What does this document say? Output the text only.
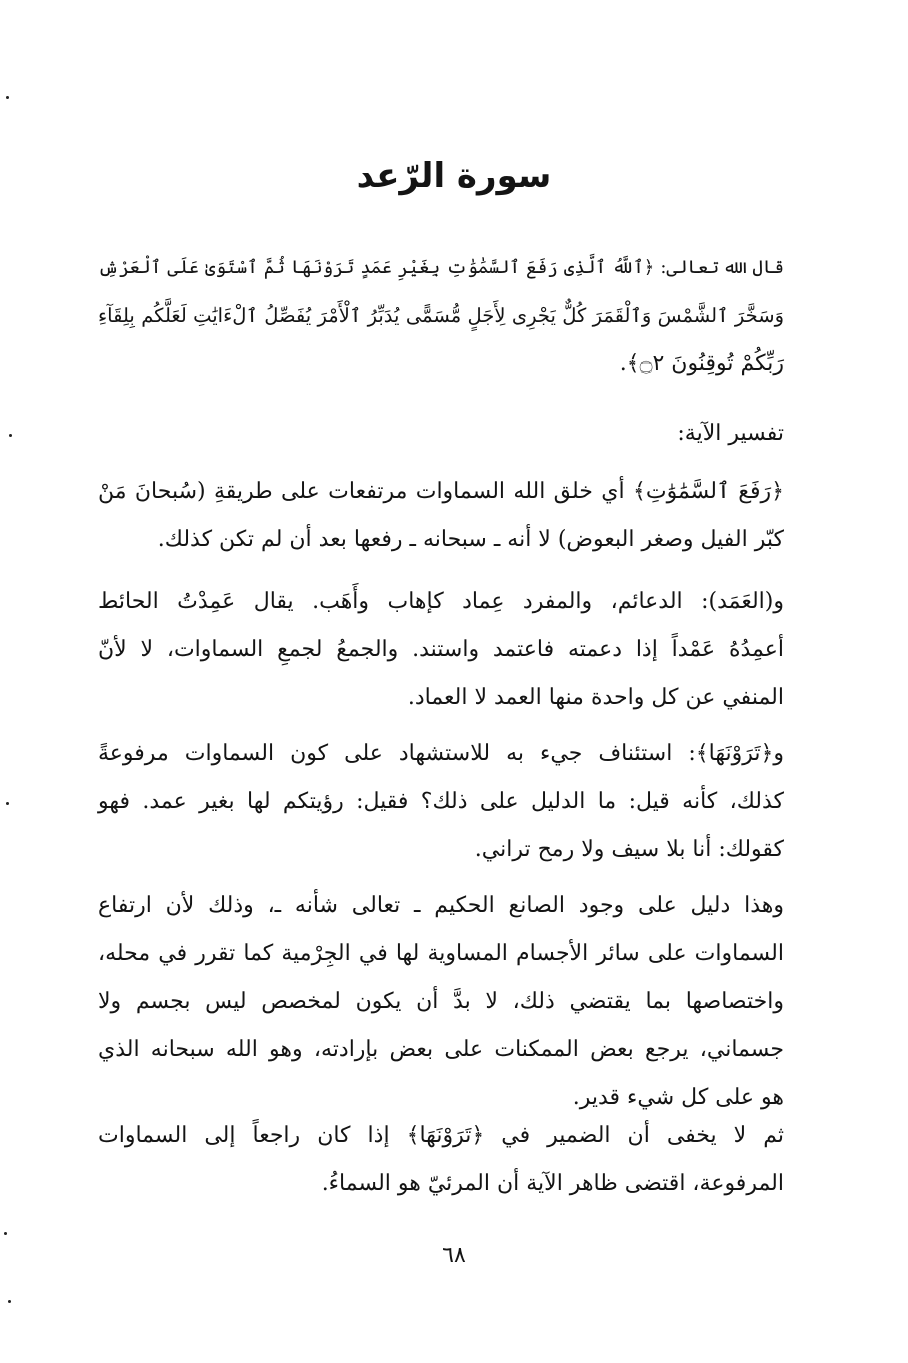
سورة الرّعد

قال الله تعالى: ﴿ٱللَّهُ ٱلَّذِى رَفَعَ ٱلسَّمَٰوَٰتِ بِغَيْرِ عَمَدٍ تَرَوْنَهَا ثُمَّ ٱسْتَوَىٰ عَلَى ٱلْعَرْشِ
وَسَخَّرَ ٱلشَّمْسَ وَٱلْقَمَرَ كُلٌّ يَجْرِى لِأَجَلٍ مُّسَمًّى يُدَبِّرُ ٱلْأَمْرَ يُفَصِّلُ ٱلْءَايَٰتِ لَعَلَّكُم بِلِقَآءِ
رَبِّكُمْ تُوقِنُونَ ۝٢﴾.

تفسير الآية:

﴿رَفَعَ ٱلسَّمَٰوَٰتِ﴾ أي خلق الله السماوات مرتفعات على طريقةِ (سُبحانَ مَنْ
كبّر الفيل وصغر البعوض) لا أنه ـ سبحانه ـ رفعها بعد أن لم تكن كذلك.

و(العَمَد): الدعائم، والمفرد عِماد كإهاب وأَهَب. يقال عَمِدْتُ الحائط
أعمِدُهُ عَمْداً إذا دعمته فاعتمد واستند. والجمعُ لجمعِ السماوات، لا لأنّ
المنفي عن كل واحدة منها العمد لا العماد.

و﴿تَرَوْنَهَا﴾: استئناف جيء به للاستشهاد على كون السماوات مرفوعةً
كذلك، كأنه قيل: ما الدليل على ذلك؟ فقيل: رؤيتكم لها بغير عمد. فهو
كقولك: أنا بلا سيف ولا رمح تراني.

وهذا دليل على وجود الصانع الحكيم ـ تعالى شأنه ـ، وذلك لأن ارتفاع
السماوات على سائر الأجسام المساوية لها في الجِرْمية كما تقرر في محله،
واختصاصها بما يقتضي ذلك، لا بدَّ أن يكون لمخصص ليس بجسم ولا
جسماني، يرجع بعض الممكنات على بعض بإرادته، وهو الله سبحانه الذي
هو على كل شيء قدير.

ثم لا يخفى أن الضمير في ﴿تَرَوْنَهَا﴾ إذا كان راجعاً إلى السماوات
المرفوعة، اقتضى ظاهر الآية أن المرئيّ هو السماءُ.

٦٨
